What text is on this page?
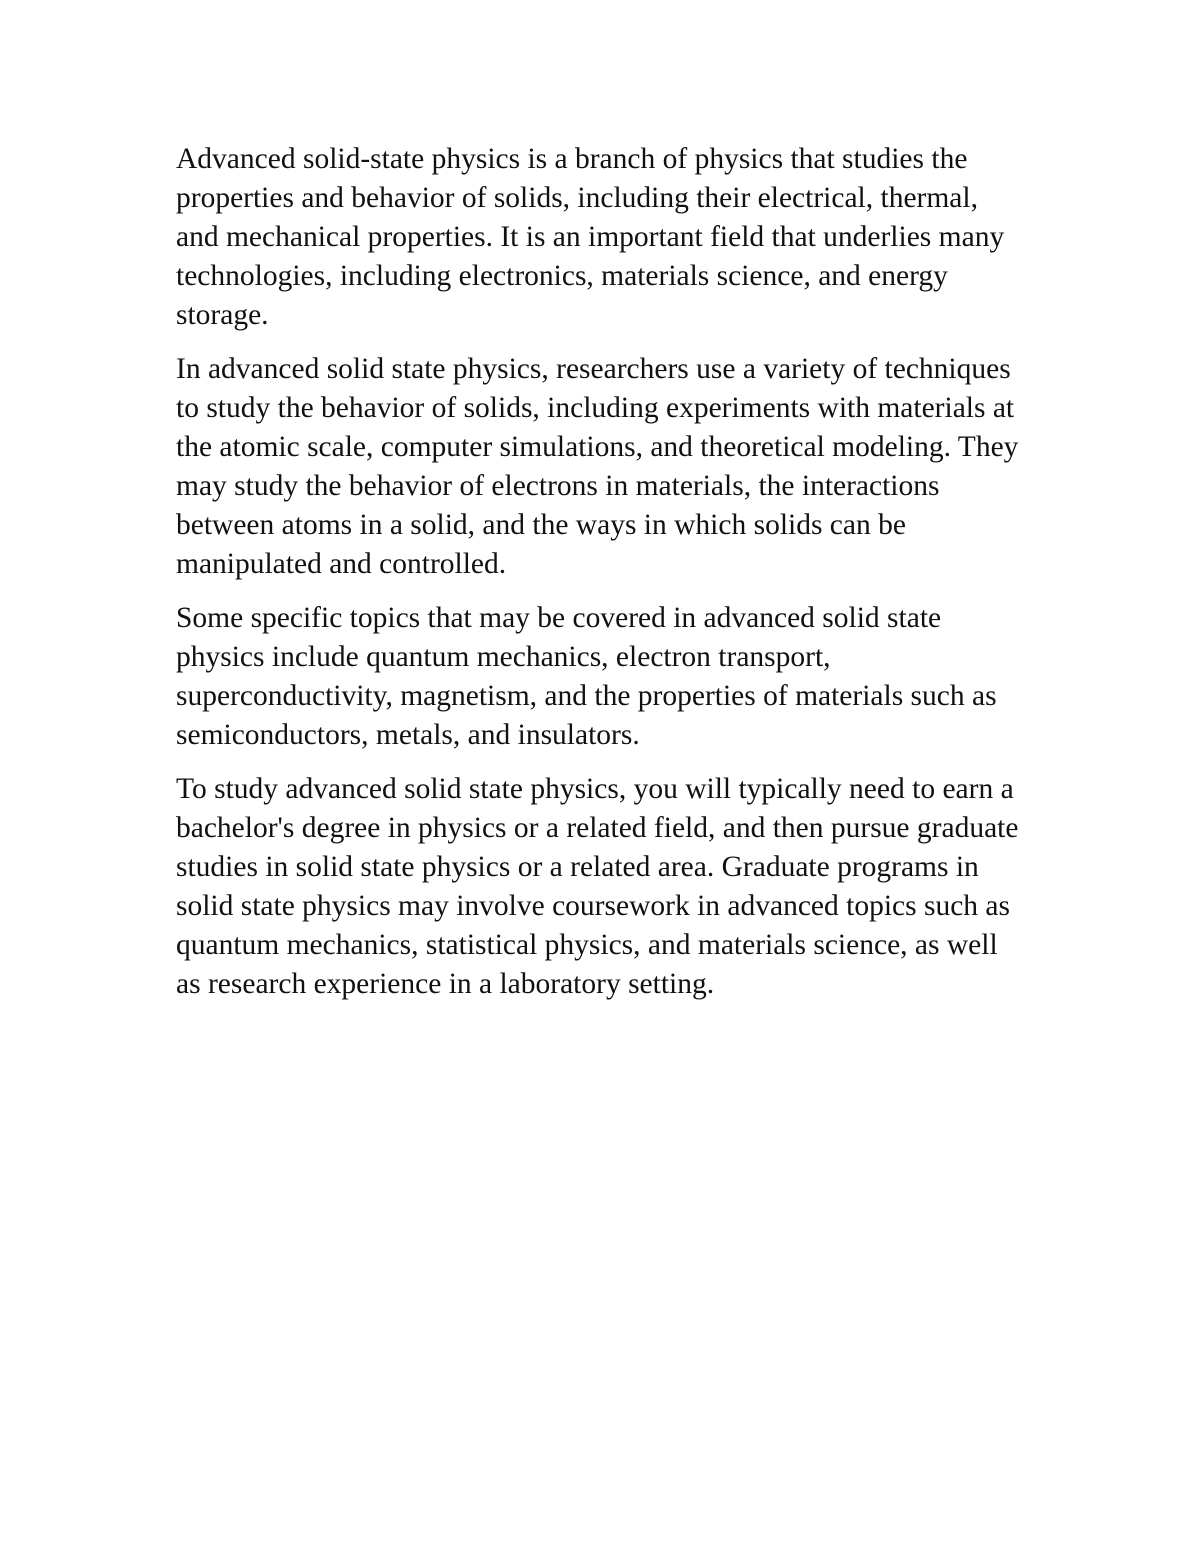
Advanced solid-state physics is a branch of physics that studies the properties and behavior of solids, including their electrical, thermal, and mechanical properties. It is an important field that underlies many technologies, including electronics, materials science, and energy storage.

In advanced solid state physics, researchers use a variety of techniques to study the behavior of solids, including experiments with materials at the atomic scale, computer simulations, and theoretical modeling. They may study the behavior of electrons in materials, the interactions between atoms in a solid, and the ways in which solids can be manipulated and controlled.

Some specific topics that may be covered in advanced solid state physics include quantum mechanics, electron transport, superconductivity, magnetism, and the properties of materials such as semiconductors, metals, and insulators.

To study advanced solid state physics, you will typically need to earn a bachelor's degree in physics or a related field, and then pursue graduate studies in solid state physics or a related area. Graduate programs in solid state physics may involve coursework in advanced topics such as quantum mechanics, statistical physics, and materials science, as well as research experience in a laboratory setting.
